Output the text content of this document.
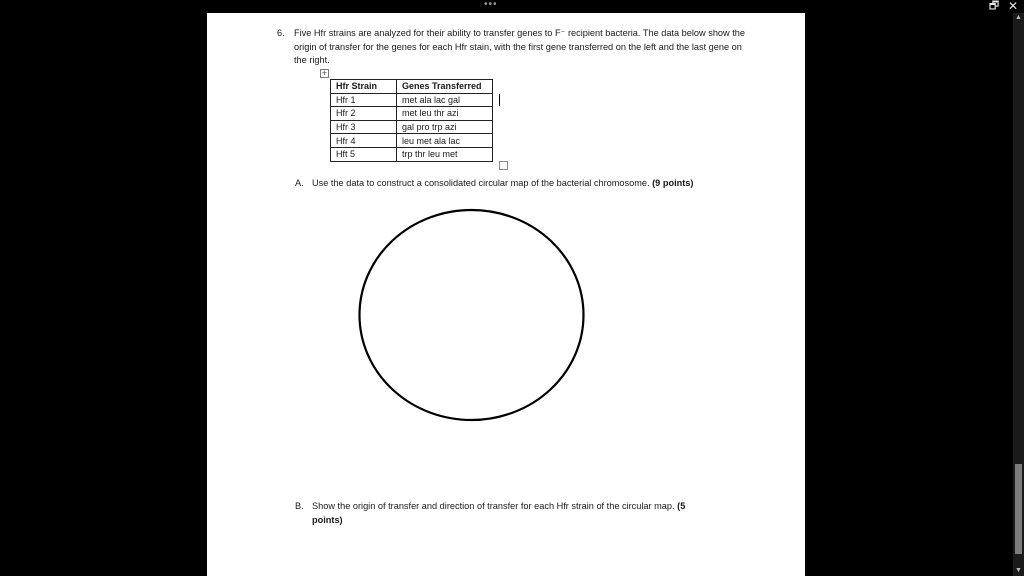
•••	🗗 ✕
6. Five Hfr strains are analyzed for their ability to transfer genes to F⁻ recipient bacteria. The data below show the origin of transfer for the genes for each Hfr stain, with the first gene transferred on the left and the last gene on the right.
+
Hfr Strain	Genes Transferred
Hfr 1	met ala lac gal
Hfr 2	met leu thr azi
Hfr 3	gal pro trp azi
Hfr 4	leu met ala lac
Hft 5	trp thr leu met
A. Use the data to construct a consolidated circular map of the bacterial chromosome. (9 points)
B. Show the origin of transfer and direction of transfer for each Hfr strain of the circular map. (5
points)
▲
▼
